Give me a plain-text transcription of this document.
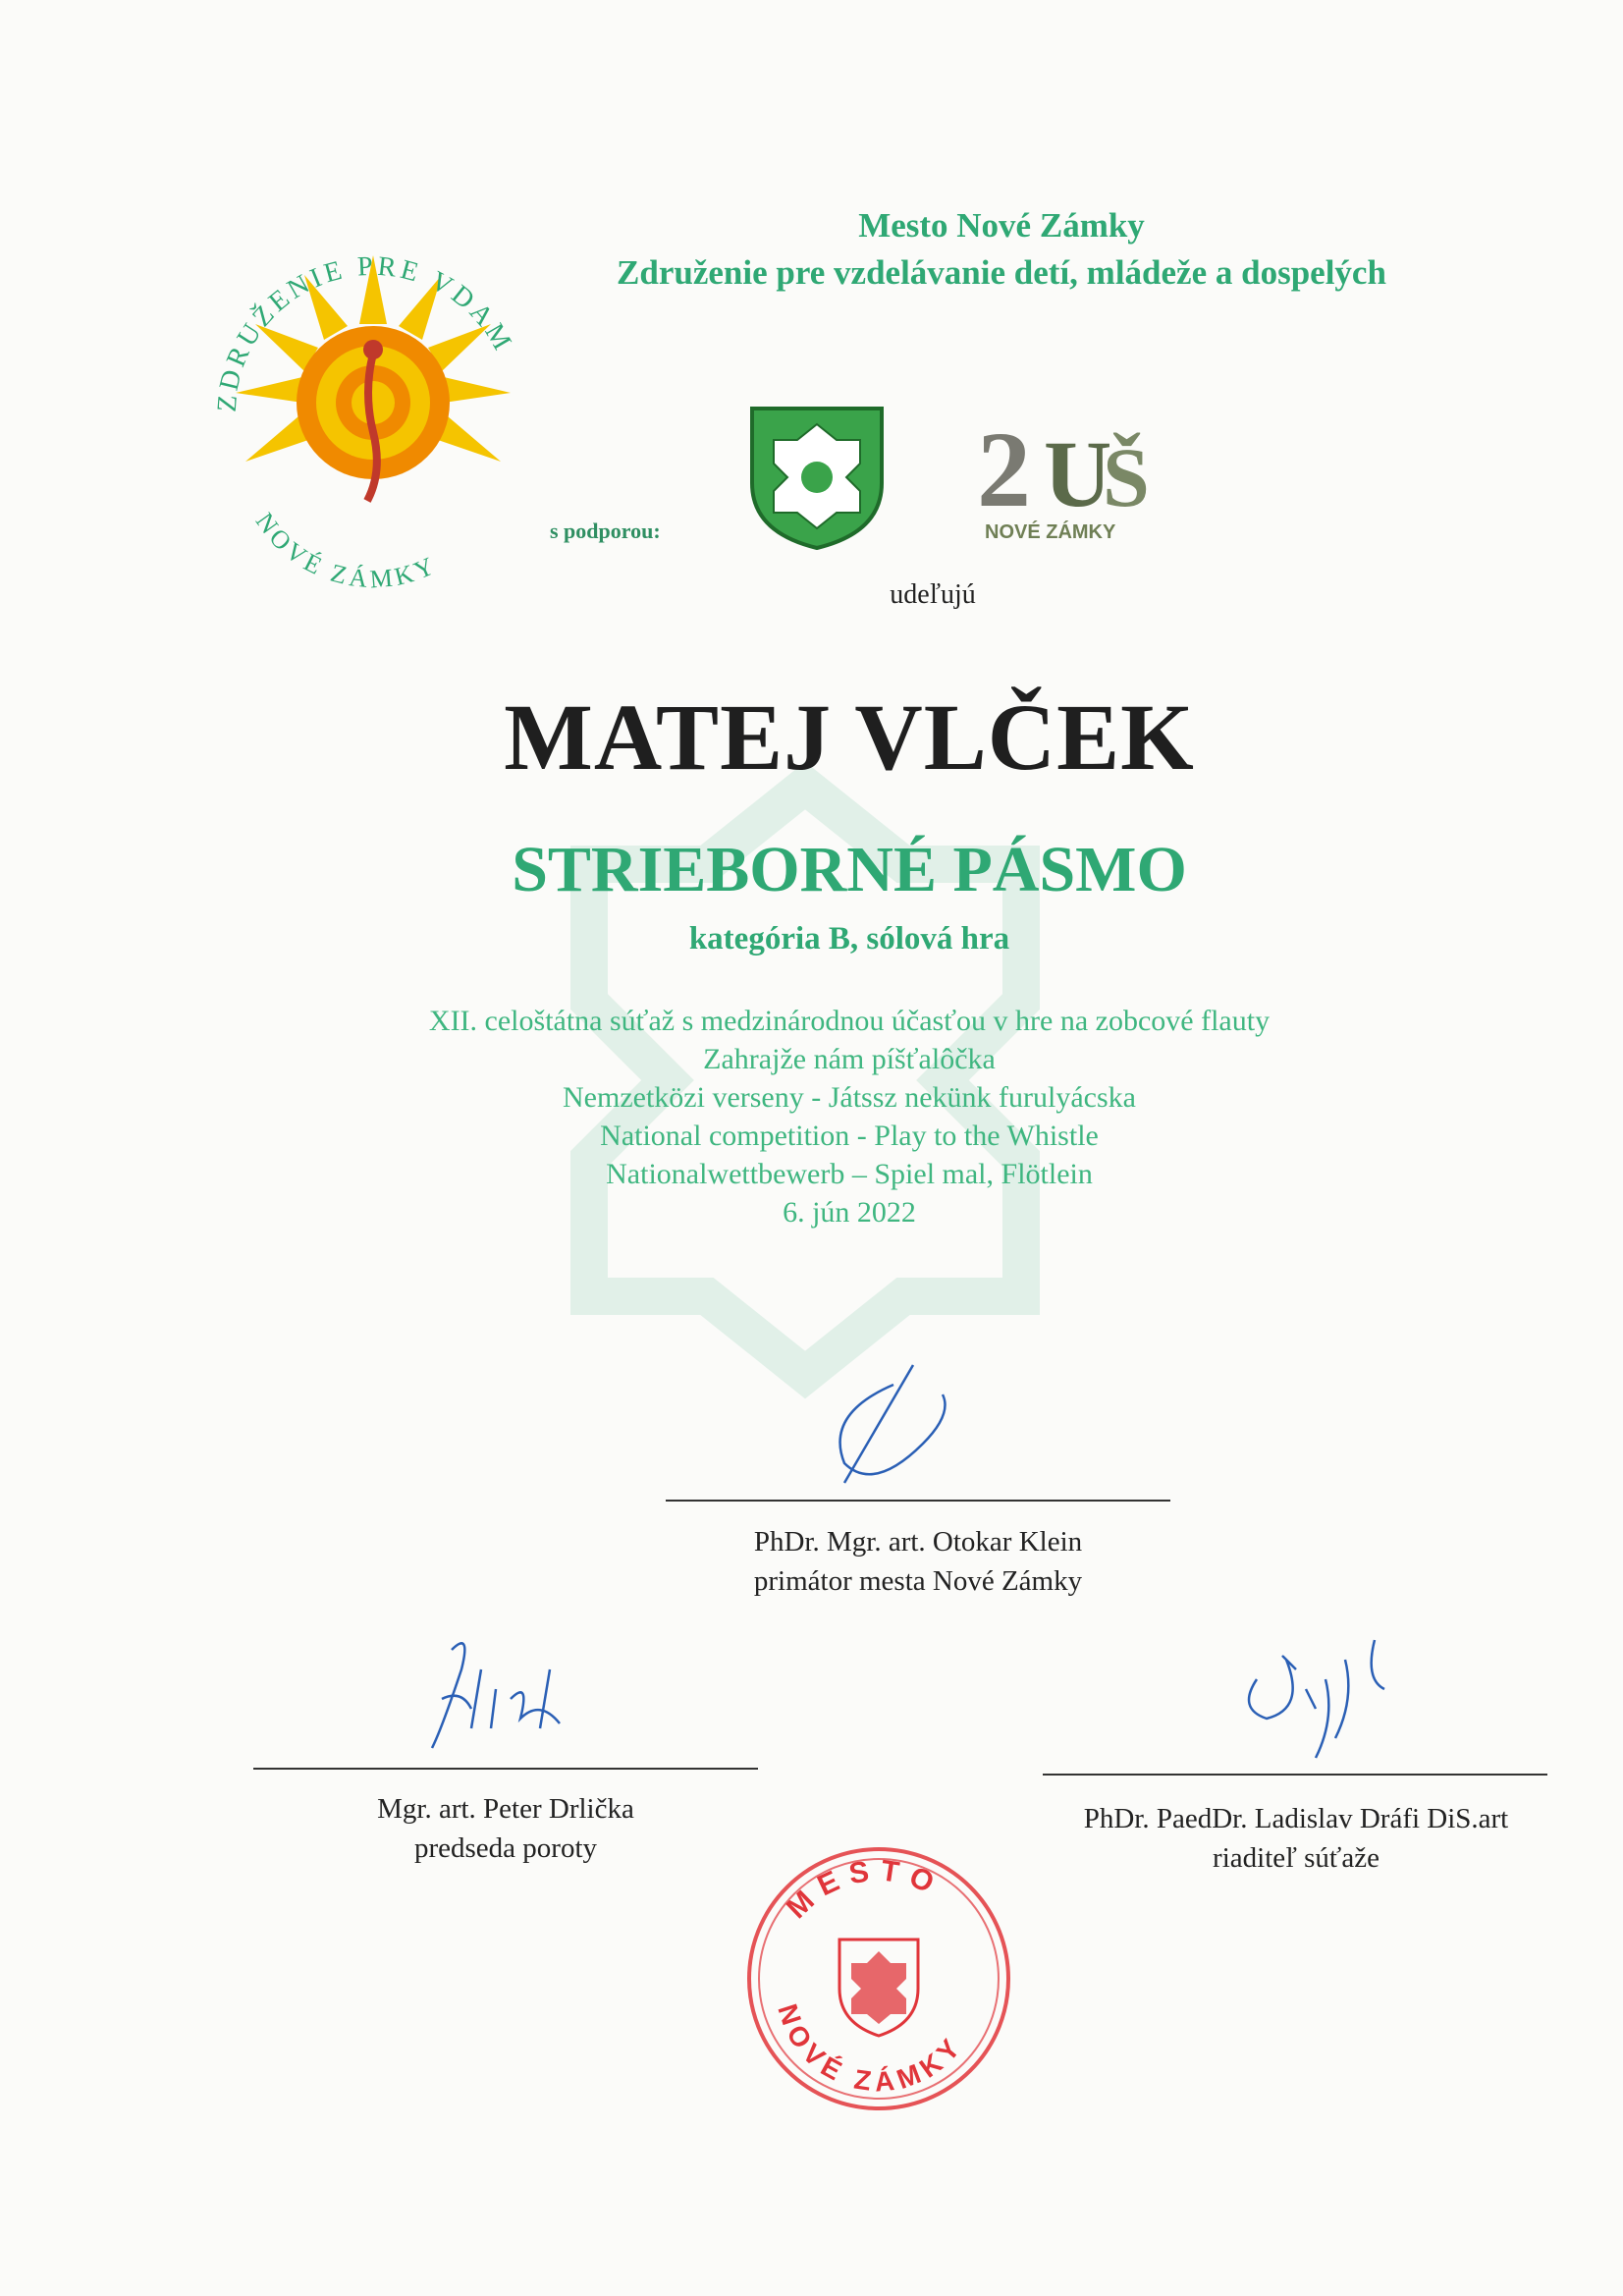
ZDRUŽENIE PRE VDAM
NOVÉ ZÁMKY
Mesto Nové Zámky
Združenie pre vzdelávanie detí, mládeže a dospelých
s podporou:
2 U
Š
NOVÉ ZÁMKY
udeľujú
MATEJ VLČEK
STRIEBORNÉ PÁSMO
kategória B, sólová hra
XII. celoštátna súťaž s medzinárodnou účasťou v hre na zobcové flauty
Zahrajže nám píšťalôčka
Nemzetközi verseny - Játssz nekünk furulyácska
National competition - Play to the Whistle
Nationalwettbewerb – Spiel mal, Flötlein
6. jún 2022
PhDr. Mgr. art. Otokar Klein
primátor mesta Nové Zámky
Mgr. art. Peter Drlička
predseda poroty
PhDr. PaedDr. Ladislav Dráfi DiS.art
riaditeľ súťaže
MESTO
NOVÉ ZÁMKY
